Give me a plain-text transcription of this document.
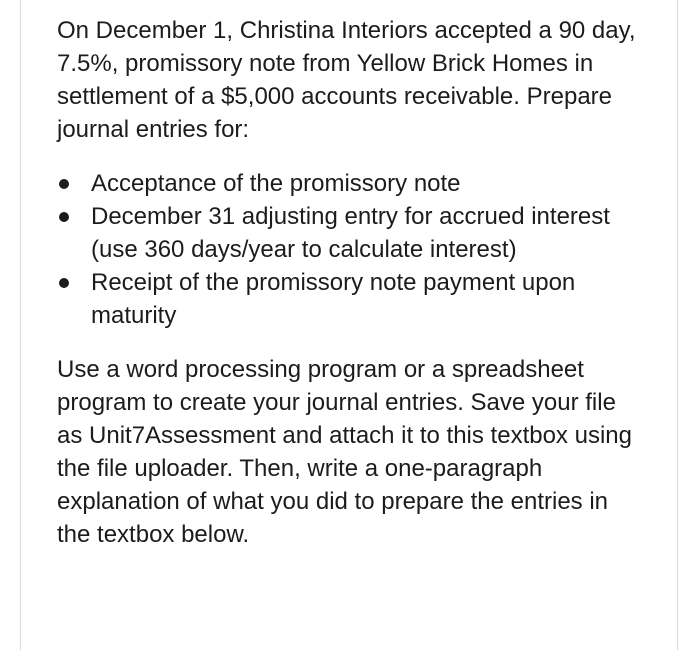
On December 1, Christina Interiors accepted a 90 day, 7.5%, promissory note from Yellow Brick Homes in settlement of a $5,000 accounts receivable. Prepare journal entries for:

Acceptance of the promissory note
December 31 adjusting entry for accrued interest (use 360 days/year to calculate interest)
Receipt of the promissory note payment upon maturity

Use a word processing program or a spreadsheet program to create your journal entries. Save your file as Unit7Assessment and attach it to this textbox using the file uploader. Then, write a one-paragraph explanation of what you did to prepare the entries in the textbox below.
